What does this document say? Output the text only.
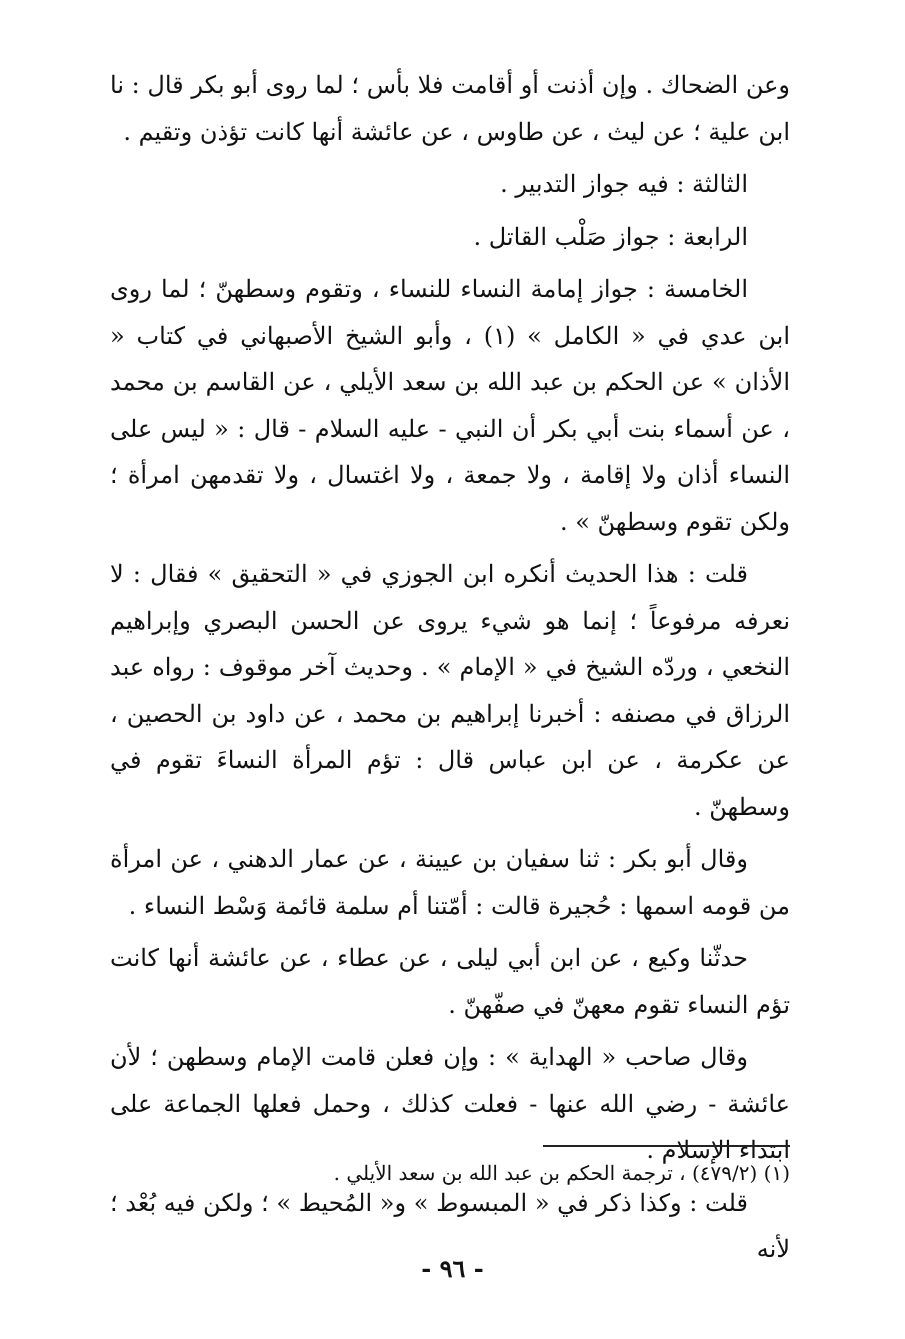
وعن الضحاك . وإن أذنت أو أقامت فلا بأس ؛ لما روى أبو بكر قال : نا ابن علية ؛ عن ليث ، عن طاوس ، عن عائشة أنها كانت تؤذن وتقيم .

الثالثة : فيه جواز التدبير .

الرابعة : جواز صَلْب القاتل .

الخامسة : جواز إمامة النساء للنساء ، وتقوم وسطهنّ ؛ لما روى ابن عدي في « الكامل » (١) ، وأبو الشيخ الأصبهاني في كتاب « الأذان » عن الحكم بن عبد الله بن سعد الأيلي ، عن القاسم بن محمد ، عن أسماء بنت أبي بكر أن النبي - عليه السلام - قال : « ليس على النساء أذان ولا إقامة ، ولا جمعة ، ولا اغتسال ، ولا تقدمهن امرأة ؛ ولكن تقوم وسطهنّ » .

قلت : هذا الحديث أنكره ابن الجوزي في « التحقيق » فقال : لا نعرفه مرفوعاً ؛ إنما هو شيء يروى عن الحسن البصري وإبراهيم النخعي ، وردّه الشيخ في « الإمام » . وحديث آخر موقوف : رواه عبد الرزاق في مصنفه : أخبرنا إبراهيم بن محمد ، عن داود بن الحصين ، عن عكرمة ، عن ابن عباس قال : تؤم المرأة النساءَ تقوم في وسطهنّ .

وقال أبو بكر : ثنا سفيان بن عيينة ، عن عمار الدهني ، عن امرأة من قومه اسمها : حُجيرة قالت : أمّتنا أم سلمة قائمة وَسْط النساء .

حدثّنا وكيع ، عن ابن أبي ليلى ، عن عطاء ، عن عائشة أنها كانت تؤم النساء تقوم معهنّ في صفّهنّ .

وقال صاحب « الهداية » : وإن فعلن قامت الإمام وسطهن ؛ لأن عائشة - رضي الله عنها - فعلت كذلك ، وحمل فعلها الجماعة على ابتداء الإسلام .

قلت : وكذا ذكر في « المبسوط » و« المُحيط » ؛ ولكن فيه بُعْد ؛ لأنه

(١) (٤٧٩/٢) ، ترجمة الحكم بن عبد الله بن سعد الأيلي .
- ٩٦ -
